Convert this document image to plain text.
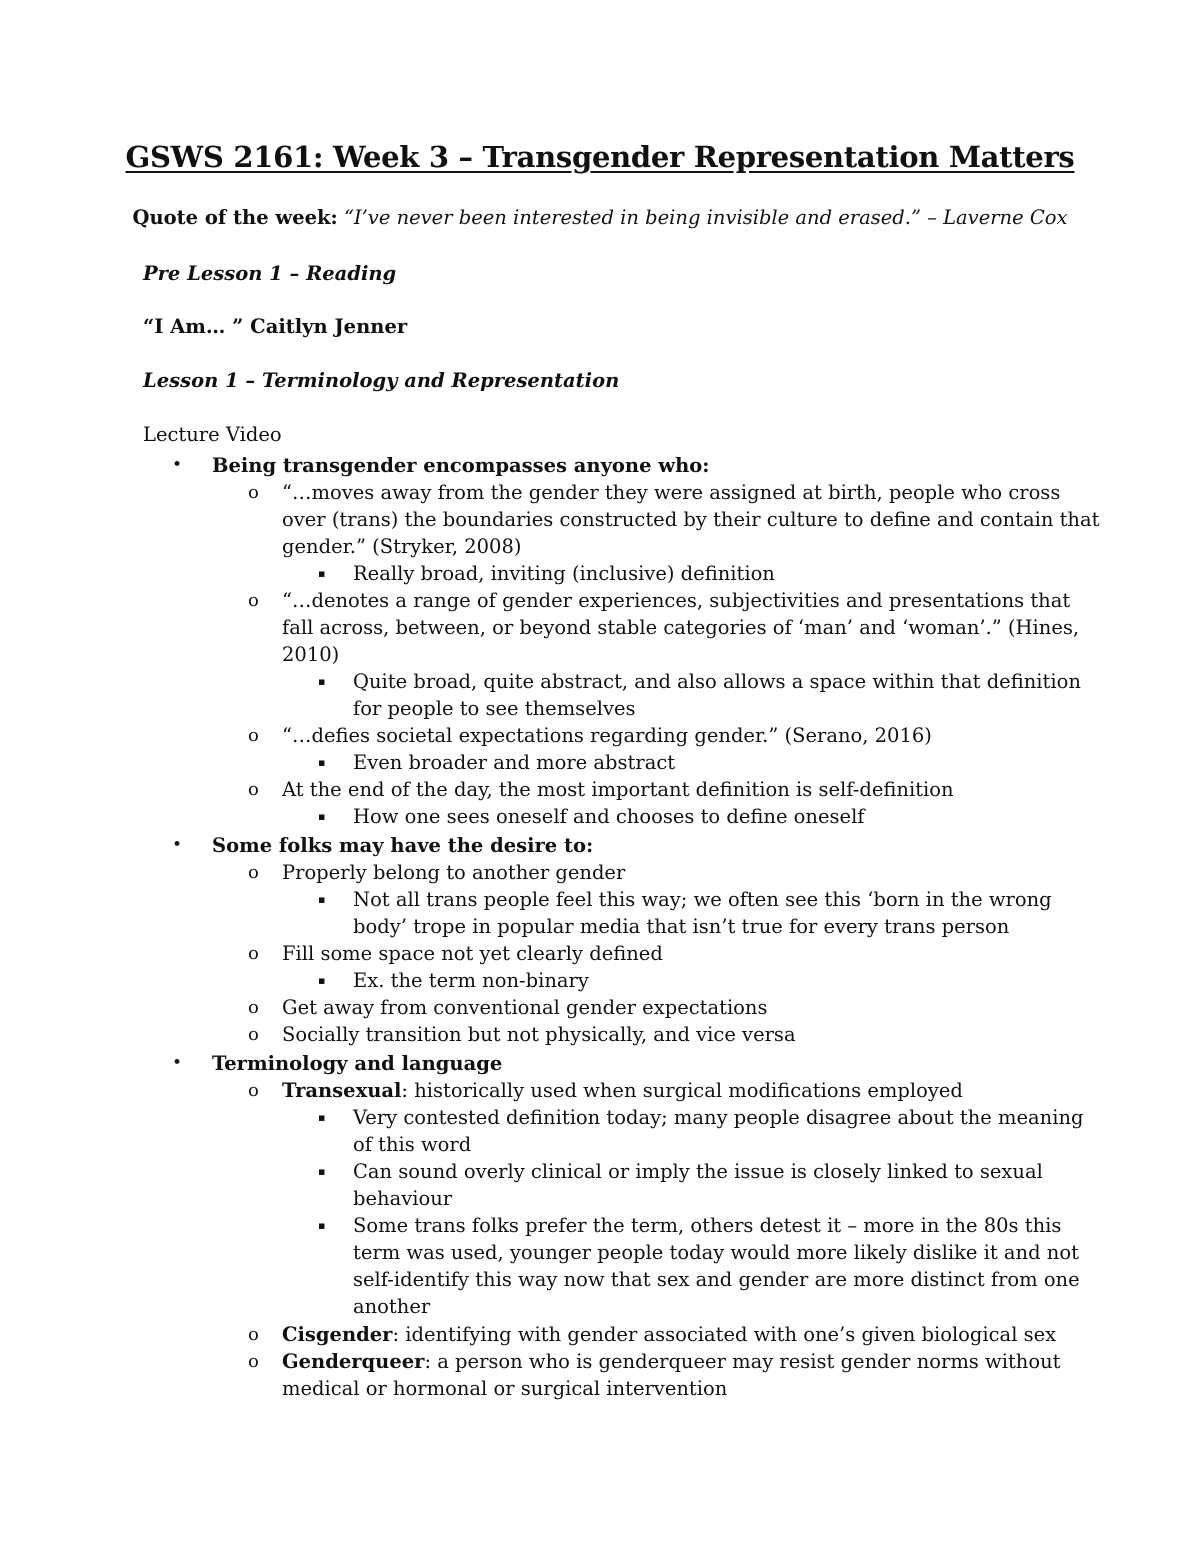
GSWS 2161: Week 3 – Transgender Representation Matters
Quote of the week: “I’ve never been interested in being invisible and erased.” – Laverne Cox
Pre Lesson 1 – Reading
“I Am… ” Caitlyn Jenner
Lesson 1 – Terminology and Representation
Lecture Video
• Being transgender encompasses anyone who:
o “…moves away from the gender they were assigned at birth, people who cross
over (trans) the boundaries constructed by their culture to define and contain that
gender.” (Stryker, 2008)
▪ Really broad, inviting (inclusive) definition
o “…denotes a range of gender experiences, subjectivities and presentations that
fall across, between, or beyond stable categories of ‘man’ and ‘woman’.” (Hines,
2010)
▪ Quite broad, quite abstract, and also allows a space within that definition
for people to see themselves
o “…defies societal expectations regarding gender.” (Serano, 2016)
▪ Even broader and more abstract
o At the end of the day, the most important definition is self-definition
▪ How one sees oneself and chooses to define oneself
• Some folks may have the desire to:
o Properly belong to another gender
▪ Not all trans people feel this way; we often see this ‘born in the wrong
body’ trope in popular media that isn’t true for every trans person
o Fill some space not yet clearly defined
▪ Ex. the term non-binary
o Get away from conventional gender expectations
o Socially transition but not physically, and vice versa
• Terminology and language
o Transexual: historically used when surgical modifications employed
▪ Very contested definition today; many people disagree about the meaning
of this word
▪ Can sound overly clinical or imply the issue is closely linked to sexual
behaviour
▪ Some trans folks prefer the term, others detest it – more in the 80s this
term was used, younger people today would more likely dislike it and not
self-identify this way now that sex and gender are more distinct from one
another
o Cisgender: identifying with gender associated with one’s given biological sex
o Genderqueer: a person who is genderqueer may resist gender norms without
medical or hormonal or surgical intervention
